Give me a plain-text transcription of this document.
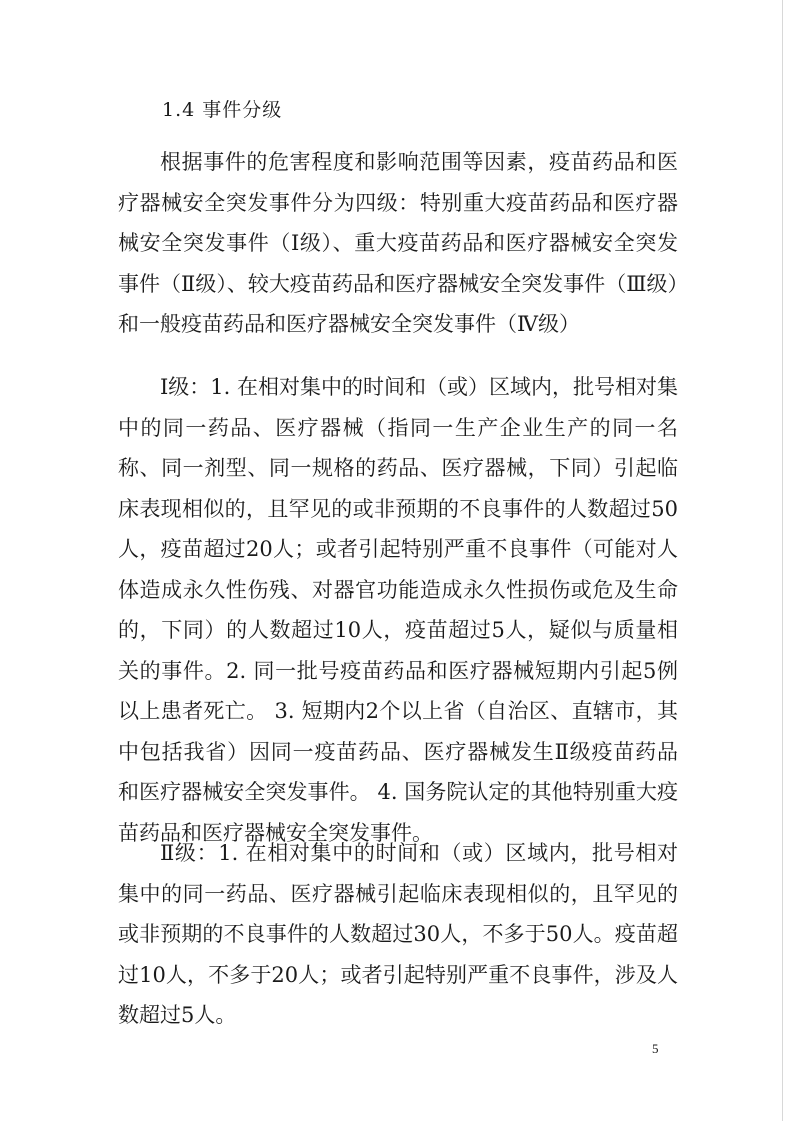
1.4 事件分级

根据事件的危害程度和影响范围等因素，疫苗药品和医疗器械安全突发事件分为四级：特别重大疫苗药品和医疗器械安全突发事件（Ⅰ级）、重大疫苗药品和医疗器械安全突发事件（Ⅱ级）、较大疫苗药品和医疗器械安全突发事件（Ⅲ级）和一般疫苗药品和医疗器械安全突发事件（Ⅳ级）

Ⅰ级：1. 在相对集中的时间和（或）区域内，批号相对集中的同一药品、医疗器械（指同一生产企业生产的同一名称、同一剂型、同一规格的药品、医疗器械，下同）引起临床表现相似的，且罕见的或非预期的不良事件的人数超过50人，疫苗超过20人；或者引起特别严重不良事件（可能对人体造成永久性伤残、对器官功能造成永久性损伤或危及生命的，下同）的人数超过10人，疫苗超过5人，疑似与质量相关的事件。2. 同一批号疫苗药品和医疗器械短期内引起5例以上患者死亡。 3. 短期内2个以上省（自治区、直辖市，其中包括我省）因同一疫苗药品、医疗器械发生Ⅱ级疫苗药品和医疗器械安全突发事件。 4. 国务院认定的其他特别重大疫苗药品和医疗器械安全突发事件。

Ⅱ级：1. 在相对集中的时间和（或）区域内，批号相对集中的同一药品、医疗器械引起临床表现相似的，且罕见的或非预期的不良事件的人数超过30人，不多于50人。疫苗超过10人，不多于20人；或者引起特别严重不良事件，涉及人数超过5人。

5
